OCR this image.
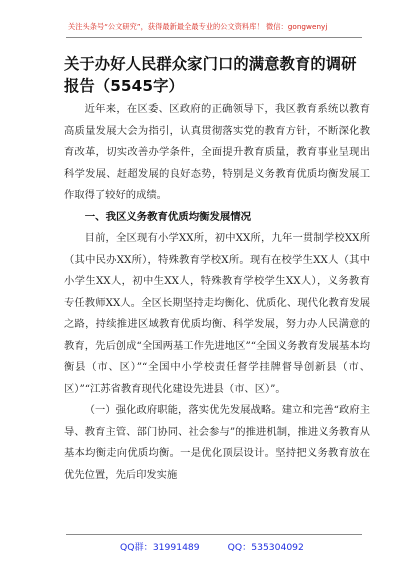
关注头条号“公文研究”，获得最新最全最专业的公文资料库！ 微信：gongwenyj
关于办好人民群众家门口的满意教育的调研报告（5545字）

近年来，在区委、区政府的正确领导下，我区教育系统以教育高质量发展大会为指引，认真贯彻落实党的教育方针，不断深化教育改革，切实改善办学条件，全面提升教育质量，教育事业呈现出科学发展、赶超发展的良好态势，特别是义务教育优质均衡发展工作取得了较好的成绩。

一、我区义务教育优质均衡发展情况

目前，全区现有小学XX所，初中XX所，九年一贯制学校XX所（其中民办XX所），特殊教育学校X所。现有在校学生XX人（其中小学生XX人，初中生XX人，特殊教育学校学生XX人），义务教育专任教师XX人。全区长期坚持走均衡化、优质化、现代化教育发展之路，持续推进区域教育优质均衡、科学发展，努力办人民满意的教育，先后创成“全国两基工作先进地区”“全国义务教育发展基本均衡县（市、区）”“全国中小学校责任督学挂牌督导创新县（市、区）”“江苏省教育现代化建设先进县（市、区）”。

（一）强化政府职能，落实优先发展战略。建立和完善“政府主导、教育主管、部门协同、社会参与”的推进机制，推进义务教育从基本均衡走向优质均衡。一是优化顶层设计。坚持把义务教育放在优先位置，先后印发实施

QQ群：31991489	QQ：535304092
